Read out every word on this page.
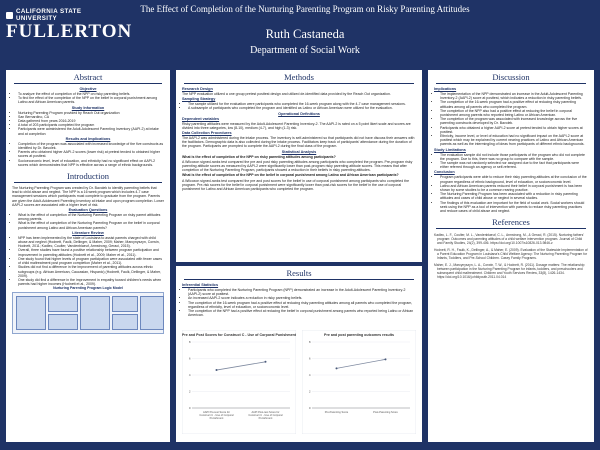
CALIFORNIA STATE UNIVERSITY
FULLERTON
The Effect of Completion of the Nurturing Parenting Program on Risky Parenting Attitudes
Ruth Castaneda
Department of Social Work
Abstract
Objective
• To analyze the effect of completion of the NPP on risky parenting beliefs.
• To find the effect of the completion of the NPP on the belief in corporal punishment among Latino and African American parents.
Study Information
• Nurturing Parenting Program provided by Reach Out organization
• San Bernardino, CA
• Data gathered from years 2016-2019
• A total of 203 participants completed the program
• Participants were administered the Adult-Adolescent Parenting Inventory (AAPI-2) at intake and at completion
Results and Implications
• Completion of the program was associated with increased knowledge of the five constructs as identified by Dr. Bavolek.
• Parents who obtained higher AAPI-2 scores (lower risk) at pretest tended to obtained higher scores at posttest.
• Socioeconomic level, level of education, and ethnicity had no significant effect on AAPI-2 scores which demonstrates that NPP is effective across a range of ethnic backgrounds.
Introduction

The Nurturing Parenting Program was created by Dr. Bavolek to identify parenting beliefs that lead to child abuse and neglect. The NPP is a 16 week program which includes 4-7 case management sessions which participants must complete to graduate from the program. Parents are given the Adult-Adolescent Parenting Inventory at intake and upon program completion. Lower AAPI-2 scores are associated with a higher level of risk.

Evaluation Questions
• What is the effect of completion of the Nurturing Parenting Program on risky parent attitudes among parents.
• What is the effect of completion of the Nurturing Parenting Program on the belief in corporal punishment among Latino and African American parents?
Literature Review
• NPP has been implemented by the state of Louisiana to assist parents charged with child abuse and neglect (Hodnett, Faulk, Dellinger, & Maher, 2009; Maher, Marcynyszyn, Corwin, Hodnett, 2011; Kadlec, Coulter, Vandenblaeuf, Armstrong, Geraci, 2015).
• Overall, three studies have found a positive relationship between program participation and improvement in parenting attitudes (Hodnett et al., 2009; Maher et al., 2011).
• One study found that higher levels of program participation were associated with fewer cases of child maltreatment post program completion (Maher et al., 2011).
• Studies did not find a difference in the improvement of parenting attitudes across ethnic subgroups (e.g. African American, Caucasian, Hispanic) (Hodnett, Faulk, Dellinger, & Maher, 2009).
• One study did find a difference in the improvement in empathy toward children's needs when parents had higher incomes (Hodnett et al., 2009).
Nurturing Parenting Program Logic Model
Methods
Research Design

The NPP evaluation utilized a one group pretest posttest design and utilized de-identified data provided by the Reach Out organization.

Sampling Strategy
• The sample utilized for the evaluation were participants who completed the 16-week program along with the 4-7 case management sessions.
• A subsample of participants who completed the program and identified as Latino or African American were utilized for the evaluation.
Operational Definitions
Dependent variables

Risky parenting attitudes were measured by the Adult-Adolescent Parenting Inventory-2. The AAPI-2 is rated on a 5 point likert scale and scores are divided into three categories, low (8-10), medium (4-7), and high (1-3) risk.

Data Collection Procedures

The AAPI-2 was administered during the intake process. The inventory is self-administered so that participants did not have discuss their answers with the facilitators. Demographic data is also collected during the intake process. Facilitators keep track of participants' attendance during the duration of the program. Participants are prompted to complete the AAPI-2 during the final class of the program.

Statistical Analysis

What is the effect of completion of the NPP on risky parenting attitudes among participants?

A Wilcoxon signed-ranks test compared the pre and post risky parenting attitudes among participants who completed the program. Pre-program risky parenting attitude scores as measured by AAPI-2 were significantly lower than post-program risky parenting attitude scores. This means that after completion of the Nurturing Parenting Program, participants showed a reduction in their beliefs in risky parenting attitudes.

What is the effect of completion of the NPP on the belief in corporal punishment among Latino and African American participants?

A Wilcoxon signed-ranks test compared the pre and post scores for the belief in use of corporal punishment among participants who completed the program. Pre-risk scores for the belief in corporal punishment were significantly lower than post-risk scores for the belief in the use of corporal punishment for Latino and African American participants who completed the program.

Results
Inferential Statistics
• Participants who completed the Nurturing Parenting Program (NPP) demonstrated an increase in the Adult-Adolescent Parenting Inventory-2 (AAPI-2) score at posttest.
• An increased AAPI-2 score indicates a reduction in risky parenting beliefs.
• The completion of the 16-week program had a positive effect at reducing risky parenting attitudes among all parents who completed the program, regardless of ethnicity, level of education, or socioeconomic level.
• The completion of the NPP had a positive effect at reducing the belief in corporal punishment among parents who reported being Latino or African American.
Pre and Post Scores for Construct C - Use of Corporal Punishment
0
2
4
6
8
AAPI Pre-test Score for Construct C - Use of Corporal Punishment
AAPI Post-test Score for Construct C - Use of Corporal Punishment
Pre and post parenting outcomes results
0
2
4
6
8
Pre-Parenting Score	Post-Parenting Score
Discussion
Implications
• The implementation of the NPP demonstrated an increase in the Adult-Adolescent Parenting Inventory-2 (AAPI-2) score at posttest, which indicates a reduction in risky parenting beliefs.
• The completion of the 16-week program had a positive effect at reducing risky parenting attitudes among all parents who completed the program.
• The completion of the NPP also had a positive effect at reducing the belief in corporal punishment among parents who reported being Latino or African American.
• The completion of the program was associated with increased knowledge across the five parenting constructs developed by Dr. Bavolek.
• Participants who obtained a higher AAPI-2 score at pretest tended to obtain higher scores at posttest.
• Ethnicity, income level, or level of education had no significant impact on the AAPI-2 score at posttest which may be explained by current nearing practices of Latino and African American parents as well as the intermingling of ideas from participants of different ethnic backgrounds.
Study Limitations
• The evaluation sample did not include those participants of the program who did not complete the program. Due to this, there was no group to compare with the sample.
• The sample was not randomly selected nor assigned due to the fact that participants were either referred through an agency or self-referred.
Conclusion
• Program participants were able to reduce their risky parenting attitudes at the conclusion of the program regardless of ethnic background, level of education, or socioeconomic level.
• Latino and African American parents reduced their belief in corporal punishment is has been shown by some studies to be a common rearing practice.
• The Nurturing Parenting Program has been associated with a reduction in risky parenting attitudes and cases of child abuse or neglect in several studies.
• The findings of this evaluation are important for the field of social work. Social workers should seek using the NPP as a tool of intervention with parents to reduce risky parenting practices and reduce cases of child abuse and neglect.
References

Kadlec, L. F., Coulter, M. L., Vandenblaeuf, C. L., Armstrong, M., & Geraci, R. (2015). Nurturing fathers' program: Outcomes and parenting attitudes of a child welfare intervention program. Journal of Child and Family Studies, 24(2), 399-406. https://doi.org/10.1007/s10826-013-9846-z

Hodnett, R. H., Faulk, K., Dellinger, A., & Maher, E. (2009). Evaluation of the Statewide Implementation of a Parent Education Program in Louisiana's Child Welfare Agency: The Nurturing Parenting Program for Infants, Toddlers, and Pre-School Children. Casey Family Programs.

Maher, E. J., Marcynyszyn, L. A., Corwin, T. W., & Hodnett, R. (2011). Dosage matters: The relationship between participation in the Nurturing Parenting Program for infants, toddlers, and preschoolers and subsequent child maltreatment. Children and Youth Services Review, 33(8), 1426-1434. https://doi.org/10.1016/j.childyouth.2011.04.014
